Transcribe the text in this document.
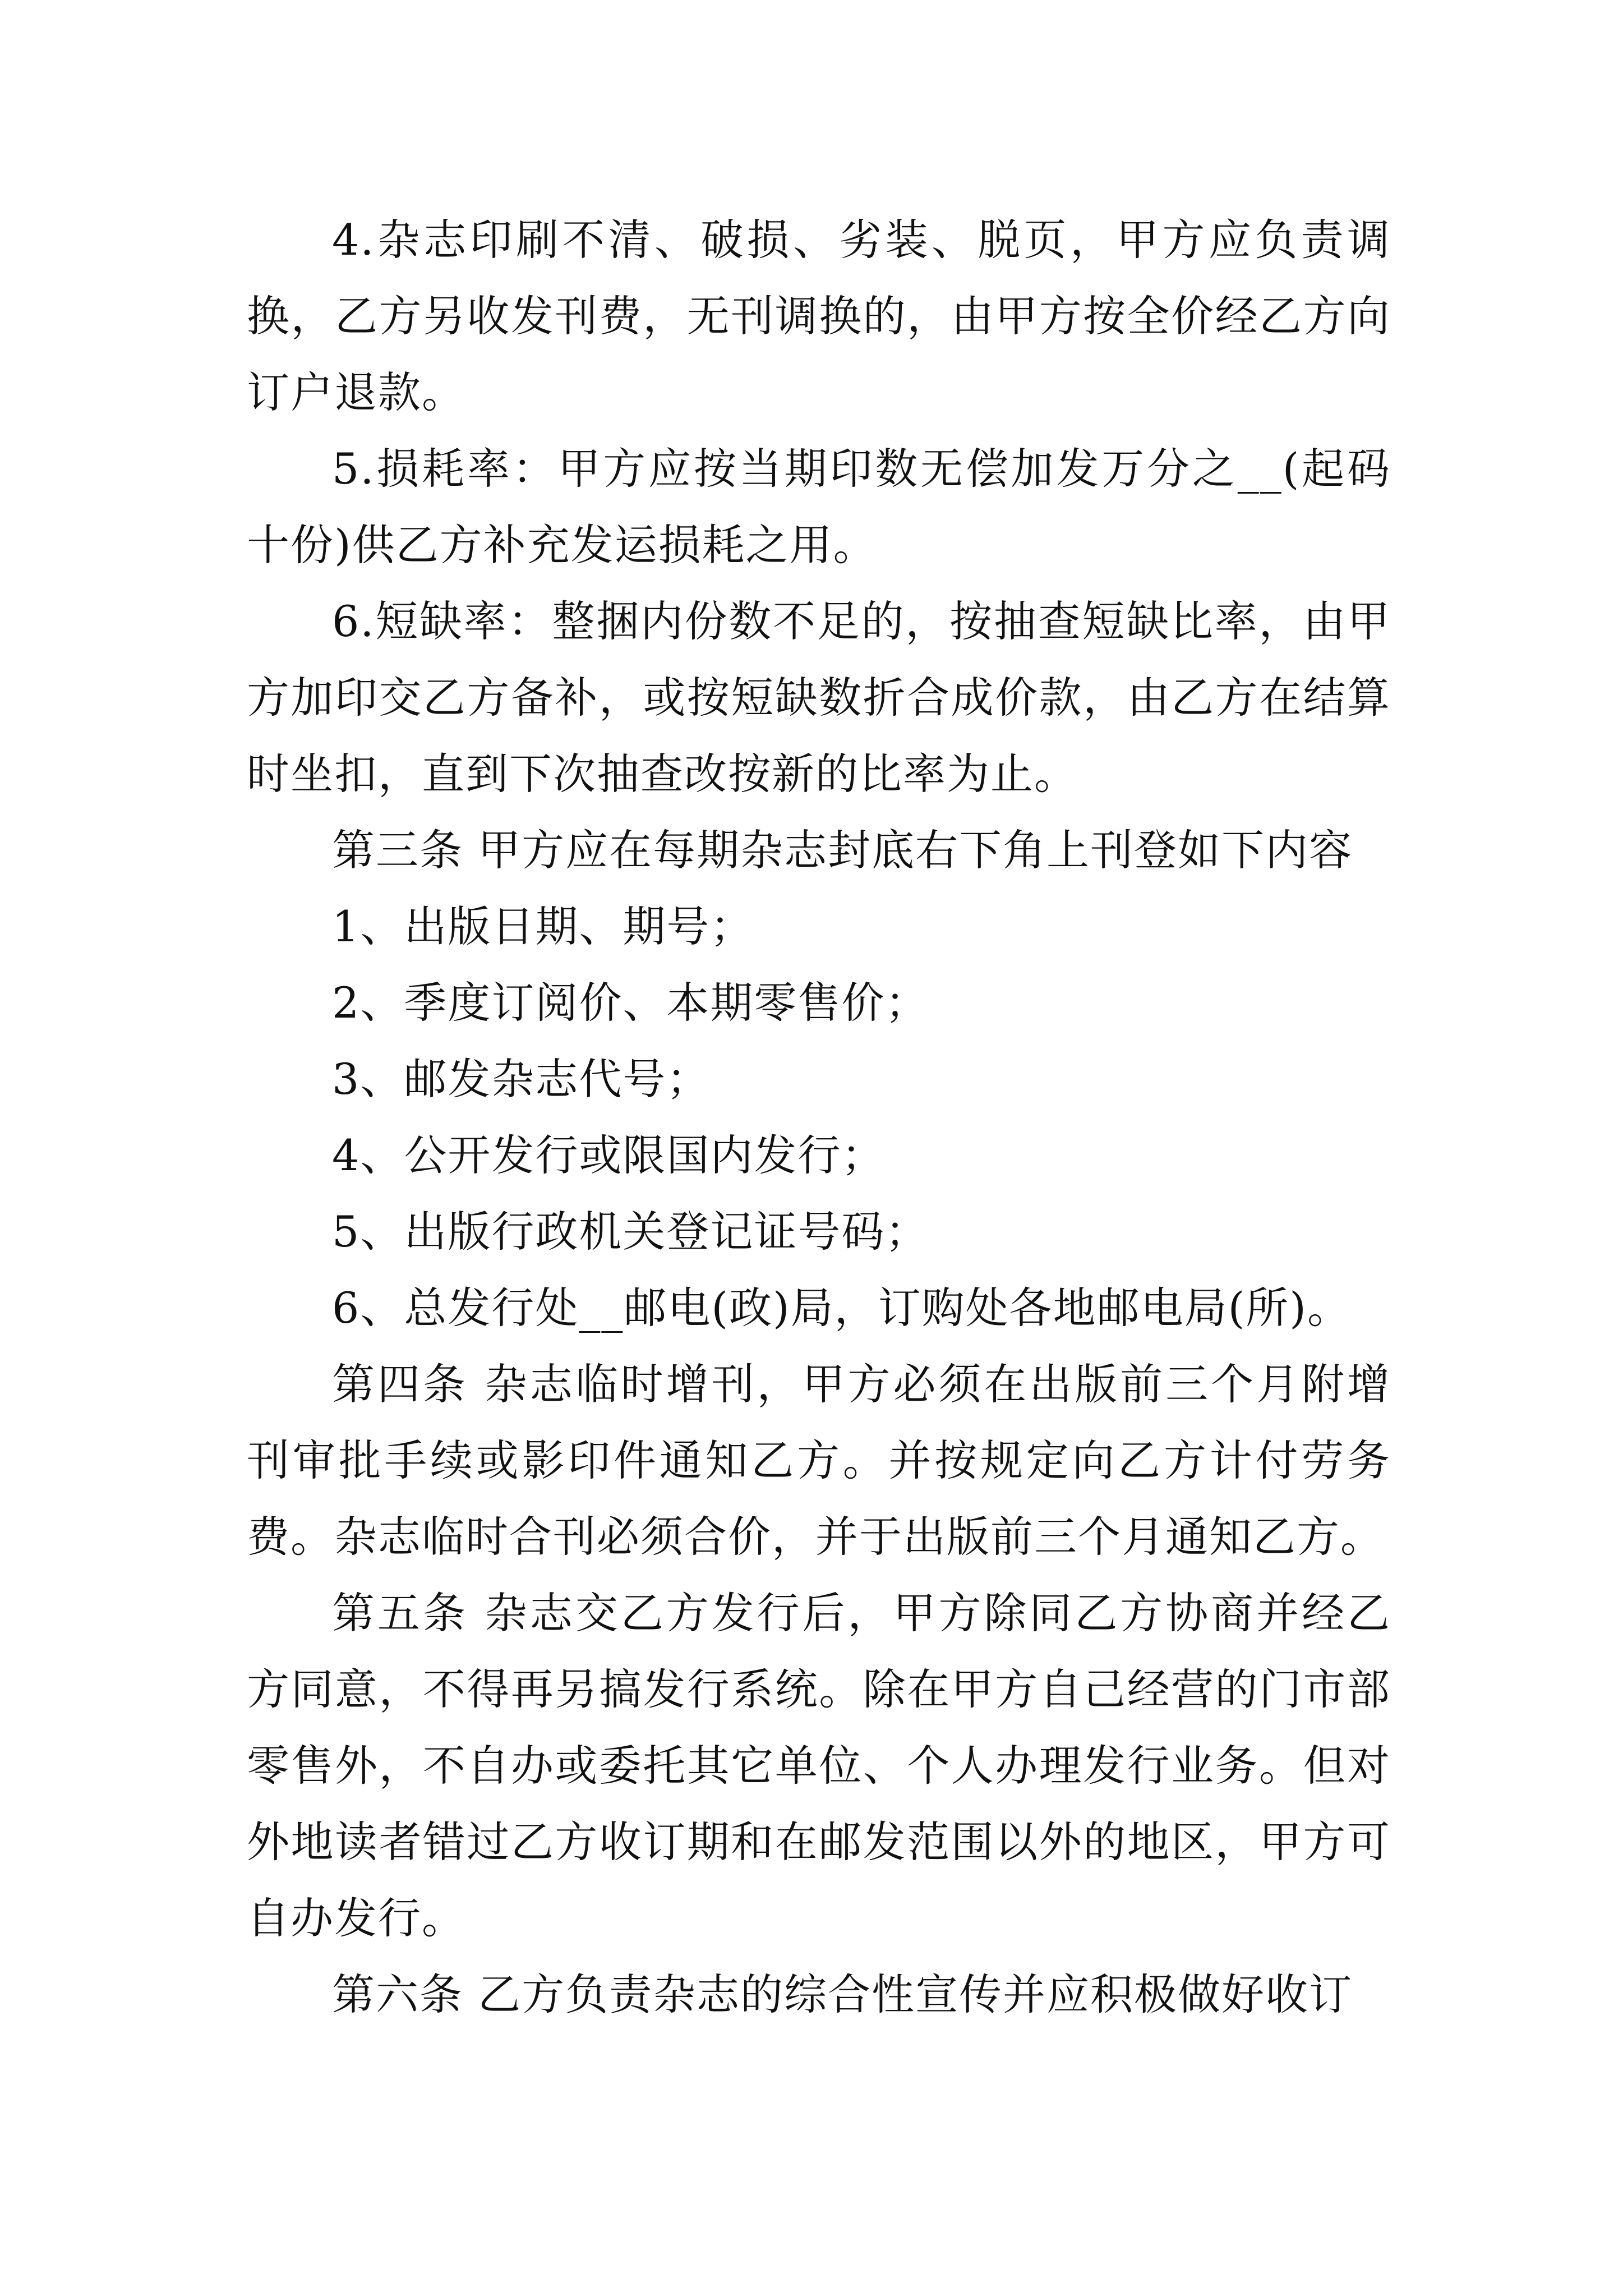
4.杂志印刷不清、破损、劣装、脱页，甲方应负责调换，乙方另收发刊费，无刊调换的，由甲方按全价经乙方向订户退款。

5.损耗率：甲方应按当期印数无偿加发万分之__(起码十份)供乙方补充发运损耗之用。

6.短缺率：整捆内份数不足的，按抽查短缺比率，由甲方加印交乙方备补，或按短缺数折合成价款，由乙方在结算时坐扣，直到下次抽查改按新的比率为止。

第三条 甲方应在每期杂志封底右下角上刊登如下内容

1、出版日期、期号；

2、季度订阅价、本期零售价；

3、邮发杂志代号；

4、公开发行或限国内发行；

5、出版行政机关登记证号码；

6、总发行处__邮电(政)局，订购处各地邮电局(所)。

第四条 杂志临时增刊，甲方必须在出版前三个月附增刊审批手续或影印件通知乙方。并按规定向乙方计付劳务费。杂志临时合刊必须合价，并于出版前三个月通知乙方。

第五条 杂志交乙方发行后，甲方除同乙方协商并经乙方同意，不得再另搞发行系统。除在甲方自己经营的门市部零售外，不自办或委托其它单位、个人办理发行业务。但对外地读者错过乙方收订期和在邮发范围以外的地区，甲方可自办发行。

第六条 乙方负责杂志的综合性宣传并应积极做好收订
